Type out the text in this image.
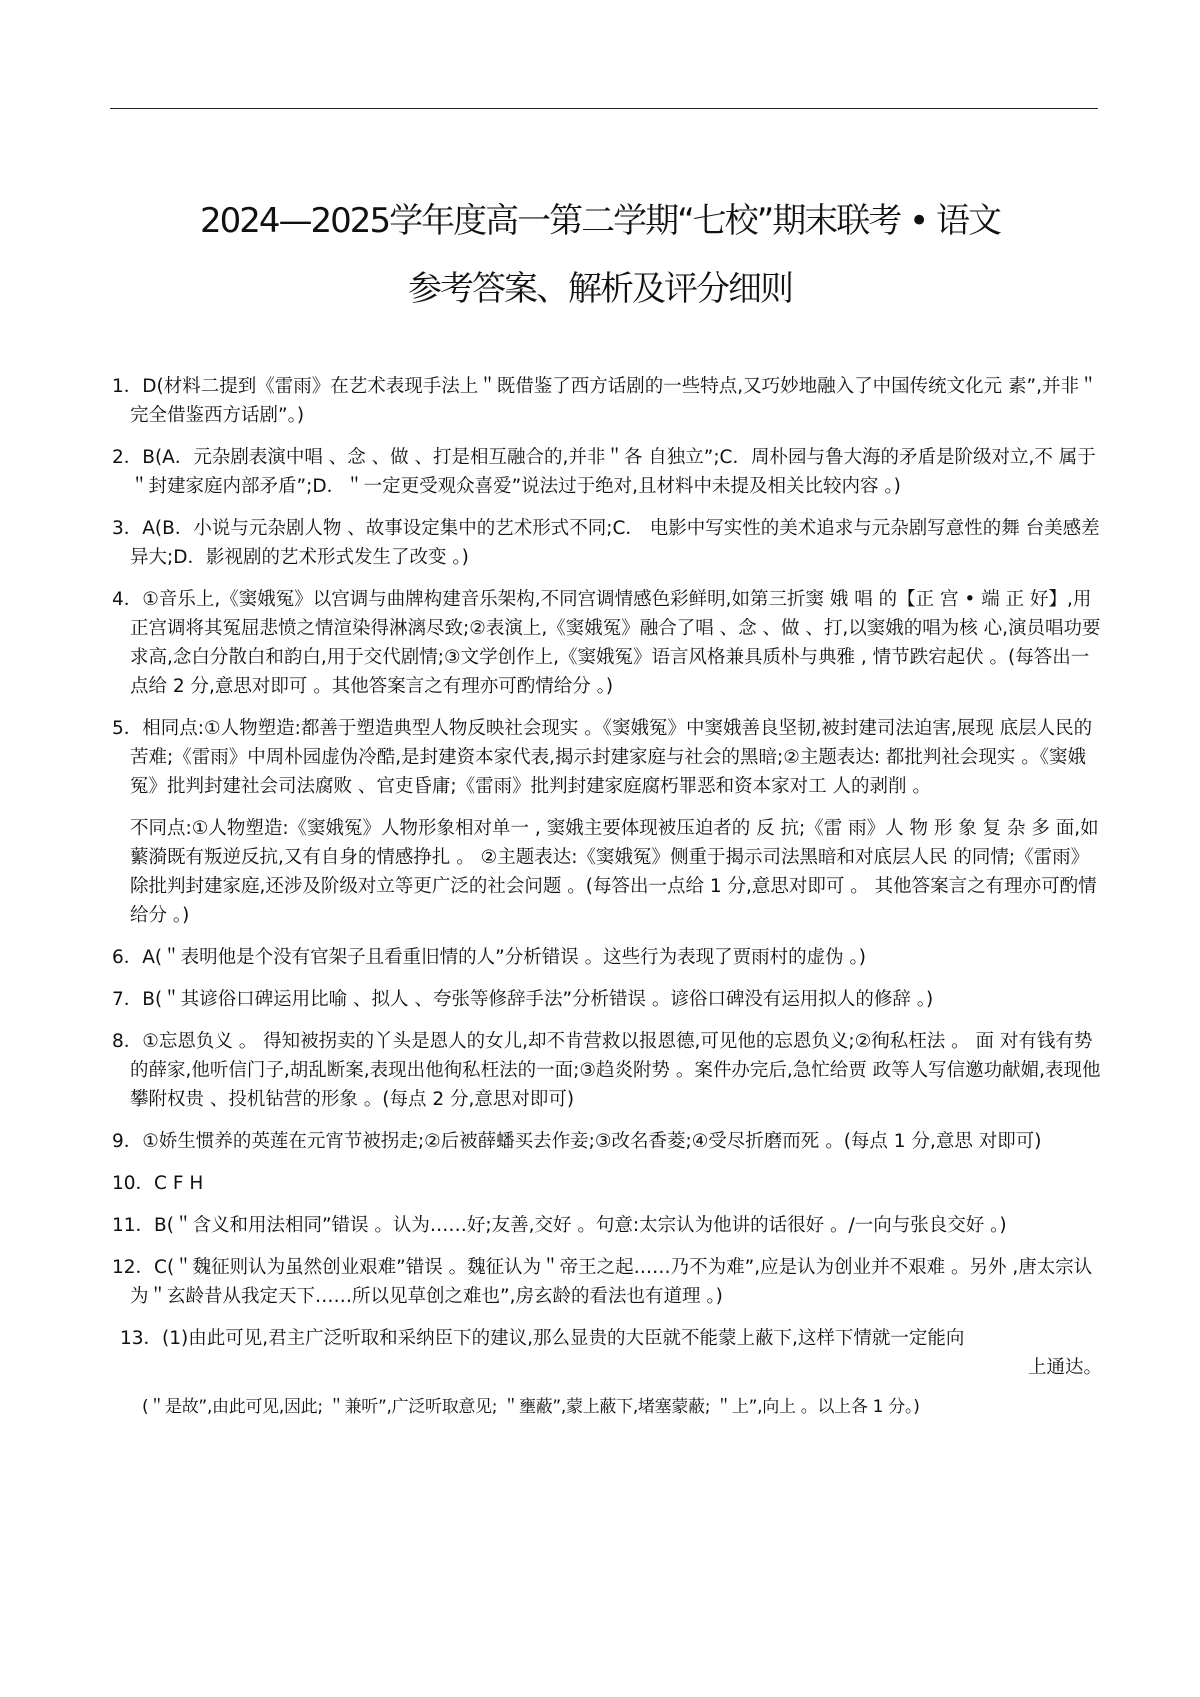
2024—2025学年度高一第二学期“七校”期末联考 • 语文
参考答案、解析及评分细则

1．D(材料二提到《雷雨》在艺术表现手法上＂既借鉴了西方话剧的一些特点,又巧妙地融入了中国传统文化元 素”,并非＂完全借鉴西方话剧”。)

2．B(A．元杂剧表演中唱 、念 、做 、打是相互融合的,并非＂各 自独立”;C．周朴园与鲁大海的矛盾是阶级对立,不 属于＂封建家庭内部矛盾”;D．＂一定更受观众喜爱”说法过于绝对,且材料中未提及相关比较内容 。)

3．A(B．小说与元杂剧人物 、故事设定集中的艺术形式不同;C． 电影中写实性的美术追求与元杂剧写意性的舞 台美感差异大;D．影视剧的艺术形式发生了改变 。)

4．①音乐上,《窦娥冤》以宫调与曲牌构建音乐架构,不同宫调情感色彩鲜明,如第三折窦 娥 唱 的【正 宫 • 端 正 好】,用正宫调将其冤屈悲愤之情渲染得淋漓尽致;②表演上,《窦娥冤》融合了唱 、念 、做 、打,以窦娥的唱为核 心,演员唱功要求高,念白分散白和韵白,用于交代剧情;③文学创作上,《窦娥冤》语言风格兼具质朴与典雅 , 情节跌宕起伏 。(每答出一点给 2 分,意思对即可 。其他答案言之有理亦可酌情给分 。)

5．相同点:①人物塑造:都善于塑造典型人物反映社会现实 。《窦娥冤》中窦娥善良坚韧,被封建司法迫害,展现 底层人民的苦难;《雷雨》中周朴园虚伪冷酷,是封建资本家代表,揭示封建家庭与社会的黑暗;②主题表达: 都批判社会现实 。《窦娥冤》批判封建社会司法腐败 、官吏昏庸;《雷雨》批判封建家庭腐朽罪恶和资本家对工 人的剥削 。

不同点:①人物塑造:《窦娥冤》人物形象相对单一 , 窦娥主要体现被压迫者的 反 抗;《雷 雨》人 物 形 象 复 杂 多 面,如蘩漪既有叛逆反抗,又有自身的情感挣扎 。 ②主题表达:《窦娥冤》侧重于揭示司法黑暗和对底层人民 的同情;《雷雨》除批判封建家庭,还涉及阶级对立等更广泛的社会问题 。(每答出一点给 1 分,意思对即可 。 其他答案言之有理亦可酌情给分 。)

6．A(＂表明他是个没有官架子且看重旧情的人”分析错误 。这些行为表现了贾雨村的虚伪 。)

7．B(＂其谚俗口碑运用比喻 、拟人 、夸张等修辞手法”分析错误 。谚俗口碑没有运用拟人的修辞 。)

8．①忘恩负义 。 得知被拐卖的丫头是恩人的女儿,却不肯营救以报恩德,可见他的忘恩负义;②徇私枉法 。 面 对有钱有势的薛家,他听信门子,胡乱断案,表现出他徇私枉法的一面;③趋炎附势 。案件办完后,急忙给贾 政等人写信邀功献媚,表现他攀附权贵 、投机钻营的形象 。(每点 2 分,意思对即可)

9．①娇生惯养的英莲在元宵节被拐走;②后被薛蟠买去作妾;③改名香菱;④受尽折磨而死 。(每点 1 分,意思 对即可)

10．C F H

11．B(＂含义和用法相同”错误 。认为……好;友善,交好 。句意:太宗认为他讲的话很好 。/一向与张良交好 。)

12．C(＂魏征则认为虽然创业艰难”错误 。魏征认为＂帝王之起……乃不为难”,应是认为创业并不艰难 。另外 ,唐太宗认为＂玄龄昔从我定天下……所以见草创之难也”,房玄龄的看法也有道理 。)

13．(1)由此可见,君主广泛听取和采纳臣下的建议,那么显贵的大臣就不能蒙上蔽下,这样下情就一定能向
上通达。

(＂是故”,由此可见,因此; ＂兼听”,广泛听取意见; ＂壅蔽”,蒙上蔽下,堵塞蒙蔽; ＂上”,向上 。以上各 1 分。)
